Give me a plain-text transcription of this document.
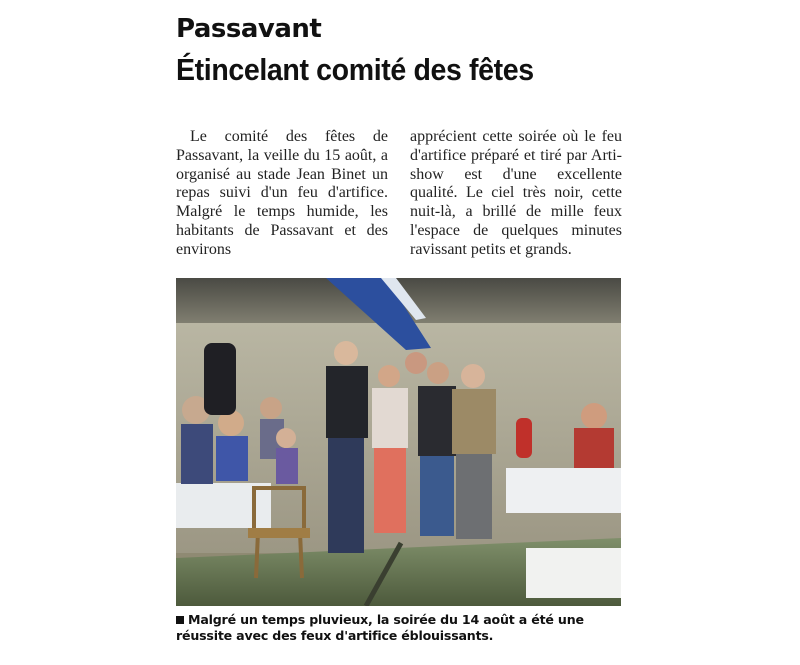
Passavant
Étincelant comité des fêtes

Le comité des fêtes de Passavant, la veille du 15 août, a organisé au stade Jean Binet un repas suivi d'un feu d'artifice. Malgré le temps humide, les habitants de Passavant et des environs

apprécient cette soirée où le feu d'artifice préparé et tiré par Arti-show est d'une excellente qualité. Le ciel très noir, cette nuit-là, a brillé de mille feux l'espace de quelques minutes ravissant petits et grands.

Malgré un temps pluvieux, la soirée du 14 août a été une réussite avec des feux d'artifice éblouissants.
